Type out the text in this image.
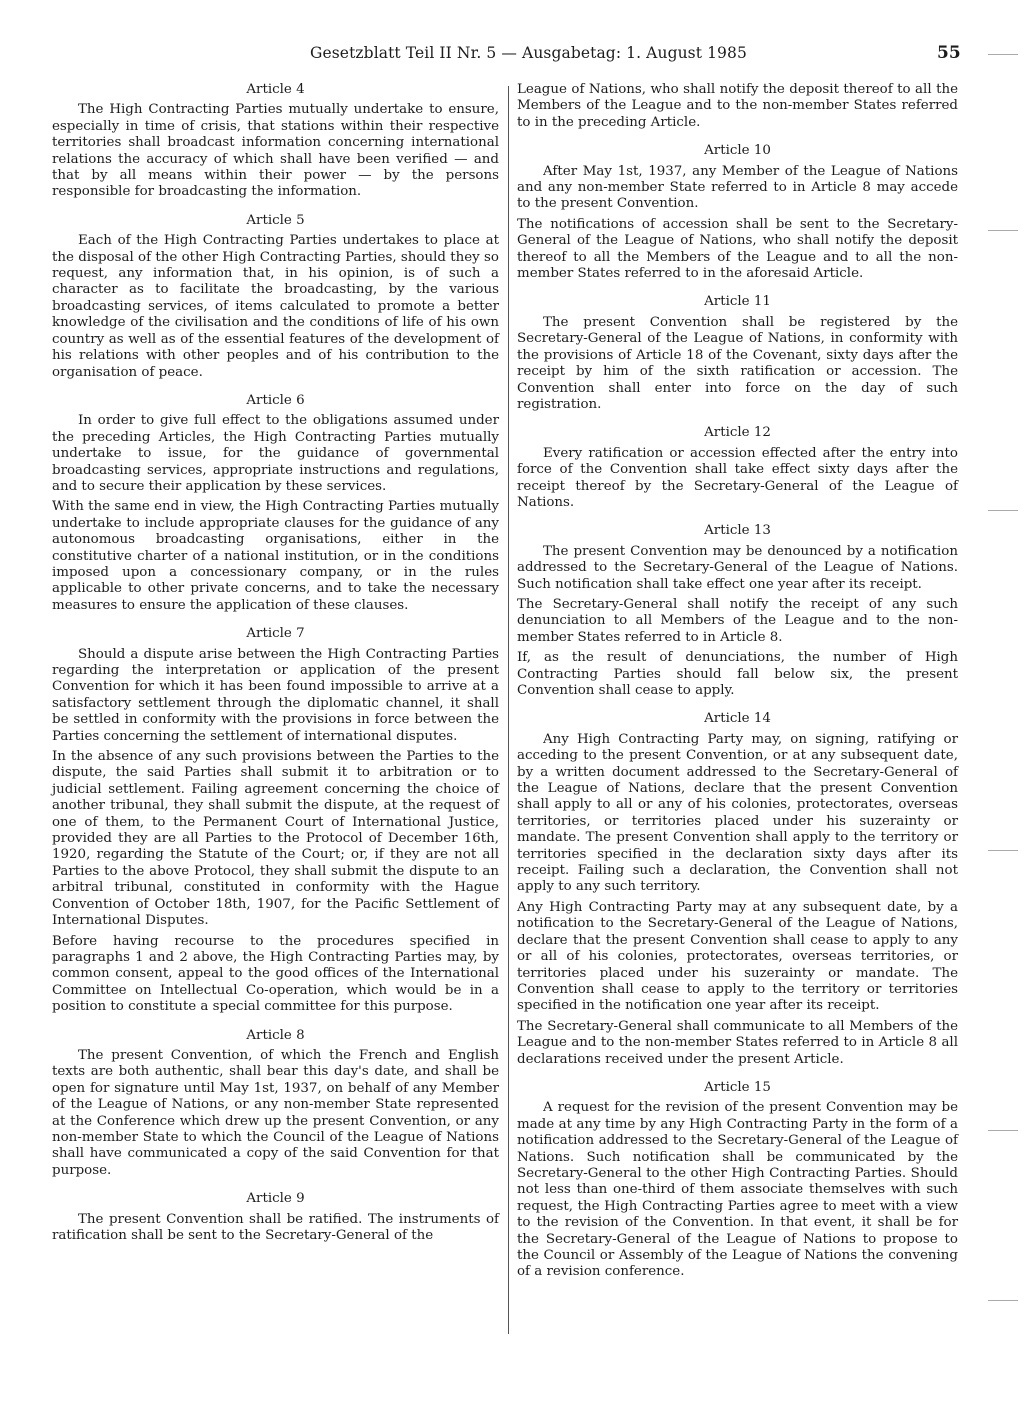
Gesetzblatt Teil II Nr. 5 — Ausgabetag: 1. August 1985	55
Article 4

The High Contracting Parties mutually undertake to ensure, especially in time of crisis, that stations within their respective territories shall broadcast information concerning international relations the accuracy of which shall have been verified — and that by all means within their power — by the persons responsible for broadcasting the information.

Article 5

Each of the High Contracting Parties undertakes to place at the disposal of the other High Contracting Parties, should they so request, any information that, in his opinion, is of such a character as to facilitate the broadcasting, by the various broadcasting services, of items calculated to promote a better knowledge of the civilisation and the conditions of life of his own country as well as of the essential features of the development of his relations with other peoples and of his contribution to the organisation of peace.

Article 6

In order to give full effect to the obligations assumed under the preceding Articles, the High Contracting Parties mutually undertake to issue, for the guidance of governmental broadcasting services, appropriate instructions and regulations, and to secure their application by these services.

With the same end in view, the High Contracting Parties mutually undertake to include appropriate clauses for the guidance of any autonomous broadcasting organisations, either in the constitutive charter of a national institution, or in the conditions imposed upon a concessionary company, or in the rules applicable to other private concerns, and to take the necessary measures to ensure the application of these clauses.

Article 7

Should a dispute arise between the High Contracting Parties regarding the interpretation or application of the present Convention for which it has been found impossible to arrive at a satisfactory settlement through the diplomatic channel, it shall be settled in conformity with the provisions in force between the Parties concerning the settlement of international disputes.

In the absence of any such provisions between the Parties to the dispute, the said Parties shall submit it to arbitration or to judicial settlement. Failing agreement concerning the choice of another tribunal, they shall submit the dispute, at the request of one of them, to the Permanent Court of International Justice, provided they are all Parties to the Protocol of December 16th, 1920, regarding the Statute of the Court; or, if they are not all Parties to the above Protocol, they shall submit the dispute to an arbitral tribunal, constituted in conformity with the Hague Convention of October 18th, 1907, for the Pacific Settlement of International Disputes.

Before having recourse to the procedures specified in paragraphs 1 and 2 above, the High Contracting Parties may, by common consent, appeal to the good offices of the International Committee on Intellectual Co-operation, which would be in a position to constitute a special committee for this purpose.

Article 8

The present Convention, of which the French and English texts are both authentic, shall bear this day's date, and shall be open for signature until May 1st, 1937, on behalf of any Member of the League of Nations, or any non-member State represented at the Conference which drew up the present Convention, or any non-member State to which the Council of the League of Nations shall have communicated a copy of the said Convention for that purpose.

Article 9

The present Convention shall be ratified. The instruments of ratification shall be sent to the Secretary-General of the

League of Nations, who shall notify the deposit thereof to all the Members of the League and to the non-member States referred to in the preceding Article.

Article 10

After May 1st, 1937, any Member of the League of Nations and any non-member State referred to in Article 8 may accede to the present Convention.

The notifications of accession shall be sent to the Secretary-General of the League of Nations, who shall notify the deposit thereof to all the Members of the League and to all the non-member States referred to in the aforesaid Article.

Article 11

The present Convention shall be registered by the Secretary-General of the League of Nations, in conformity with the provisions of Article 18 of the Covenant, sixty days after the receipt by him of the sixth ratification or accession. The Convention shall enter into force on the day of such registration.

Article 12

Every ratification or accession effected after the entry into force of the Convention shall take effect sixty days after the receipt thereof by the Secretary-General of the League of Nations.

Article 13

The present Convention may be denounced by a notification addressed to the Secretary-General of the League of Nations. Such notification shall take effect one year after its receipt.

The Secretary-General shall notify the receipt of any such denunciation to all Members of the League and to the non-member States referred to in Article 8.

If, as the result of denunciations, the number of High Contracting Parties should fall below six, the present Convention shall cease to apply.

Article 14

Any High Contracting Party may, on signing, ratifying or acceding to the present Convention, or at any subsequent date, by a written document addressed to the Secretary-General of the League of Nations, declare that the present Convention shall apply to all or any of his colonies, protectorates, overseas territories, or territories placed under his suzerainty or mandate. The present Convention shall apply to the territory or territories specified in the declaration sixty days after its receipt. Failing such a declaration, the Convention shall not apply to any such territory.

Any High Contracting Party may at any subsequent date, by a notification to the Secretary-General of the League of Nations, declare that the present Convention shall cease to apply to any or all of his colonies, protectorates, overseas territories, or territories placed under his suzerainty or mandate. The Convention shall cease to apply to the territory or territories specified in the notification one year after its receipt.

The Secretary-General shall communicate to all Members of the League and to the non-member States referred to in Article 8 all declarations received under the present Article.

Article 15

A request for the revision of the present Convention may be made at any time by any High Contracting Party in the form of a notification addressed to the Secretary-General of the League of Nations. Such notification shall be communicated by the Secretary-General to the other High Contracting Parties. Should not less than one-third of them associate themselves with such request, the High Contracting Parties agree to meet with a view to the revision of the Convention. In that event, it shall be for the Secretary-General of the League of Nations to propose to the Council or Assembly of the League of Nations the convening of a revision conference.
